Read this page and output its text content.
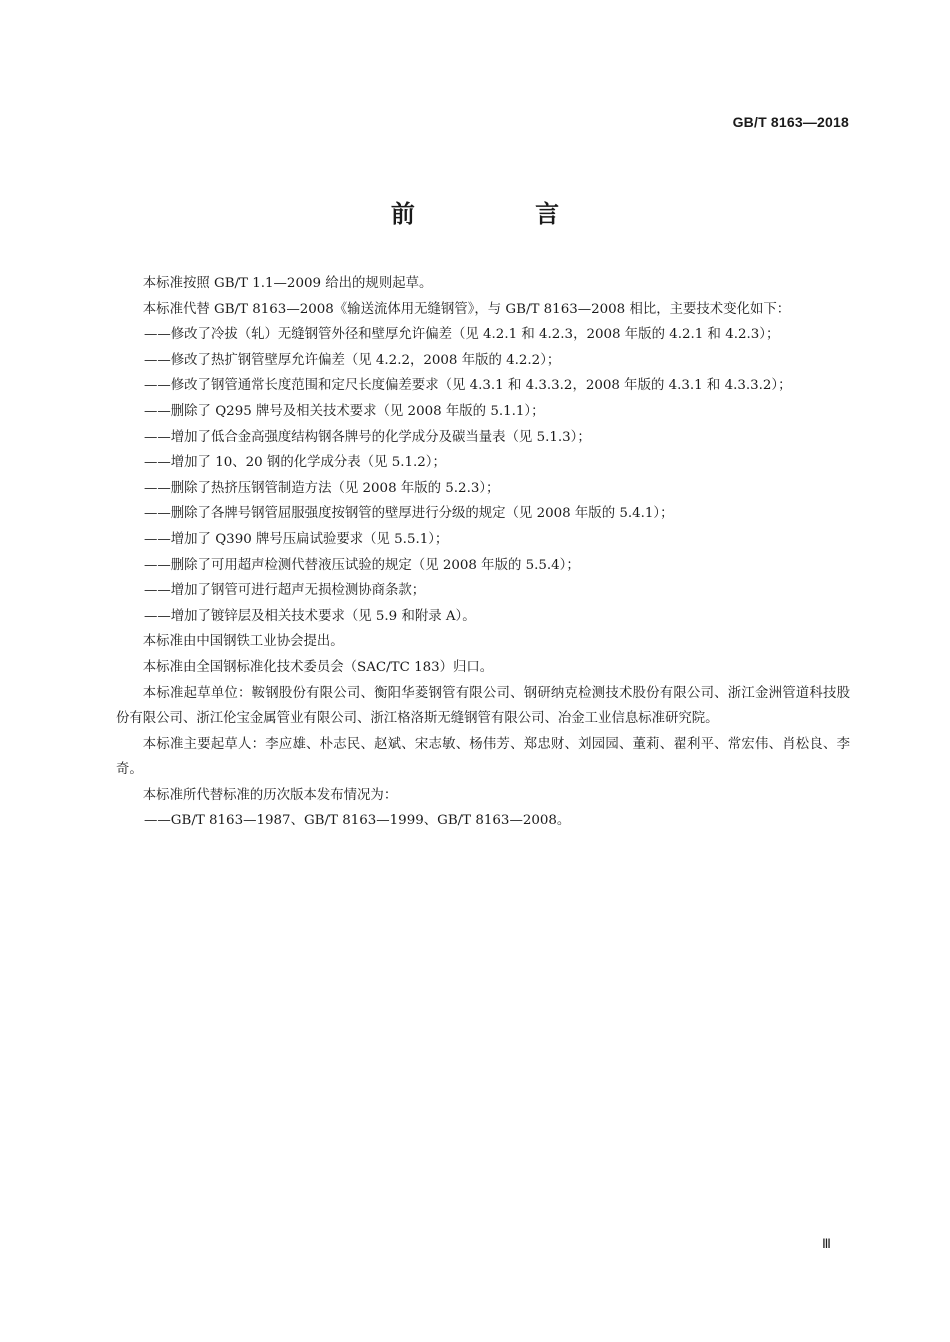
GB/T 8163—2018
前 言

本标准按照 GB/T 1.1—2009 给出的规则起草。

本标准代替 GB/T 8163—2008《输送流体用无缝钢管》，与 GB/T 8163—2008 相比，主要技术变化如下：

——修改了冷拔（轧）无缝钢管外径和壁厚允许偏差（见 4.2.1 和 4.2.3，2008 年版的 4.2.1 和 4.2.3）；
——修改了热扩钢管壁厚允许偏差（见 4.2.2，2008 年版的 4.2.2）；
——修改了钢管通常长度范围和定尺长度偏差要求（见 4.3.1 和 4.3.3.2，2008 年版的 4.3.1 和 4.3.3.2）；
——删除了 Q295 牌号及相关技术要求（见 2008 年版的 5.1.1）；
——增加了低合金高强度结构钢各牌号的化学成分及碳当量表（见 5.1.3）；
——增加了 10、20 钢的化学成分表（见 5.1.2）；
——删除了热挤压钢管制造方法（见 2008 年版的 5.2.3）；
——删除了各牌号钢管屈服强度按钢管的壁厚进行分级的规定（见 2008 年版的 5.4.1）；
——增加了 Q390 牌号压扁试验要求（见 5.5.1）；
——删除了可用超声检测代替液压试验的规定（见 2008 年版的 5.5.4）；
——增加了钢管可进行超声无损检测协商条款；
——增加了镀锌层及相关技术要求（见 5.9 和附录 A）。

本标准由中国钢铁工业协会提出。

本标准由全国钢标准化技术委员会（SAC/TC 183）归口。

本标准起草单位：鞍钢股份有限公司、衡阳华菱钢管有限公司、钢研纳克检测技术股份有限公司、浙江金洲管道科技股份有限公司、浙江伦宝金属管业有限公司、浙江格洛斯无缝钢管有限公司、冶金工业信息标准研究院。

本标准主要起草人：李应雄、朴志民、赵斌、宋志敏、杨伟芳、郑忠财、刘园园、董莉、翟利平、常宏伟、肖松良、李奇。

本标准所代替标准的历次版本发布情况为：

——GB/T 8163—1987、GB/T 8163—1999、GB/T 8163—2008。
Ⅲ
